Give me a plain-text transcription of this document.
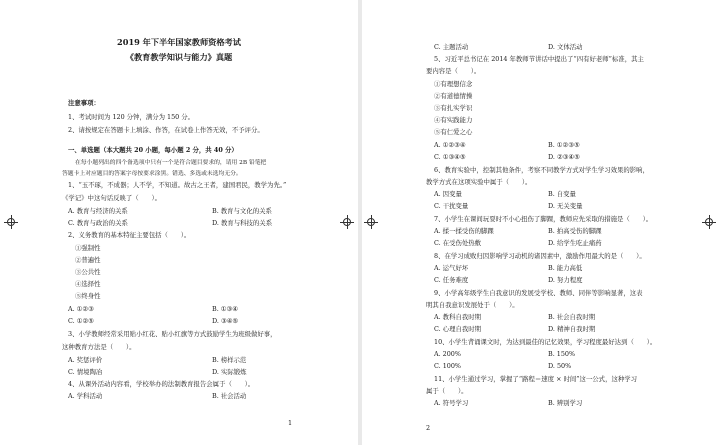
2019 年下半年国家教师资格考试
《教育教学知识与能力》真题
注意事项：
1、考试时间为 120 分钟，满分为 150 分。
2、请按规定在答题卡上填涂、作答，在试卷上作答无效，不予评分。
一、单选题（本大题共 20 小题，每小题 2 分，共 40 分）
在每小题列出的四个备选项中只有一个是符合题目要求的，请用 2B 铅笔把
答题卡上对应题目的答案字母按要求涂黑。错选、多选或未选均无分。
1、“玉不琢，不成器；人不学，不知道。故古之王者，建国君民，教学为先。”
《学记》中这句话反映了（　　）。
A. 教育与经济的关系	B. 教育与文化的关系
C. 教育与政治的关系	D. 教育与科技的关系
2、义务教育的基本特征主要包括（　　）。
①强制性
②普遍性
③公共性
④选择性
⑤终身性
A. ①②③	B. ①③④
C. ①②⑤	D. ③④⑤
3、小学教师经常采用贴小红花、贴小红旗等方式鼓励学生为班级做好事，
这种教育方法是（　　）。
A. 奖惩评价	B. 榜样示范
C. 情境陶冶	D. 实际锻炼
4、从课外活动内容看，学校举办的法制教育报告会属于（　　）。
A. 学科活动	B. 社会活动
1
C. 主题活动	D. 文体活动
5、习近平总书记在 2014 年教师节讲话中提出了“四有好老师”标准，其主
要内容是（　　）。
①有理想信念
②有道德情操
③有扎实学识
④有实践能力
⑤有仁爱之心
A. ①②③④	B. ①②③⑤
C. ①③④⑤	D. ②③④⑤
6、教育实验中，控制其他条件，考察不同教学方式对学生学习效果的影响，
教学方式在这项实验中属于（　　）。
A. 因变量	B. 自变量
C. 干扰变量	D. 无关变量
7、小学生在课间玩耍时不小心扭伤了脚踝，教师应先采取的措施是（　　）。
A. 揉一揉受伤的脚踝	B. 拍高受伤的脚踝
C. 在受伤处热敷	D. 给学生吃止痛药
8、在学习成败归因影响学习动机的诸因素中，激励作用最大的是（　　）。
A. 运气好坏	B. 能力高低
C. 任务难度	D. 努力程度
9、小学高年级学生自我意识的发展受学校、教师、同伴等影响显著，这表
明其自我意识发展处于（　　）。
A. 教科自我时期	B. 社会自我时期
C. 心理自我时期	D. 精神自我时期
10、小学生背诵课文时，为达到最佳的记忆效果，学习程度最好达到（　　）。
A. 200%	B. 150%
C. 100%	D. 50%
11、小学生通过学习，掌握了“路程＝速度 × 时间”这一公式，这种学习
属于（　　）。
A. 符号学习	B. 辨别学习
2
